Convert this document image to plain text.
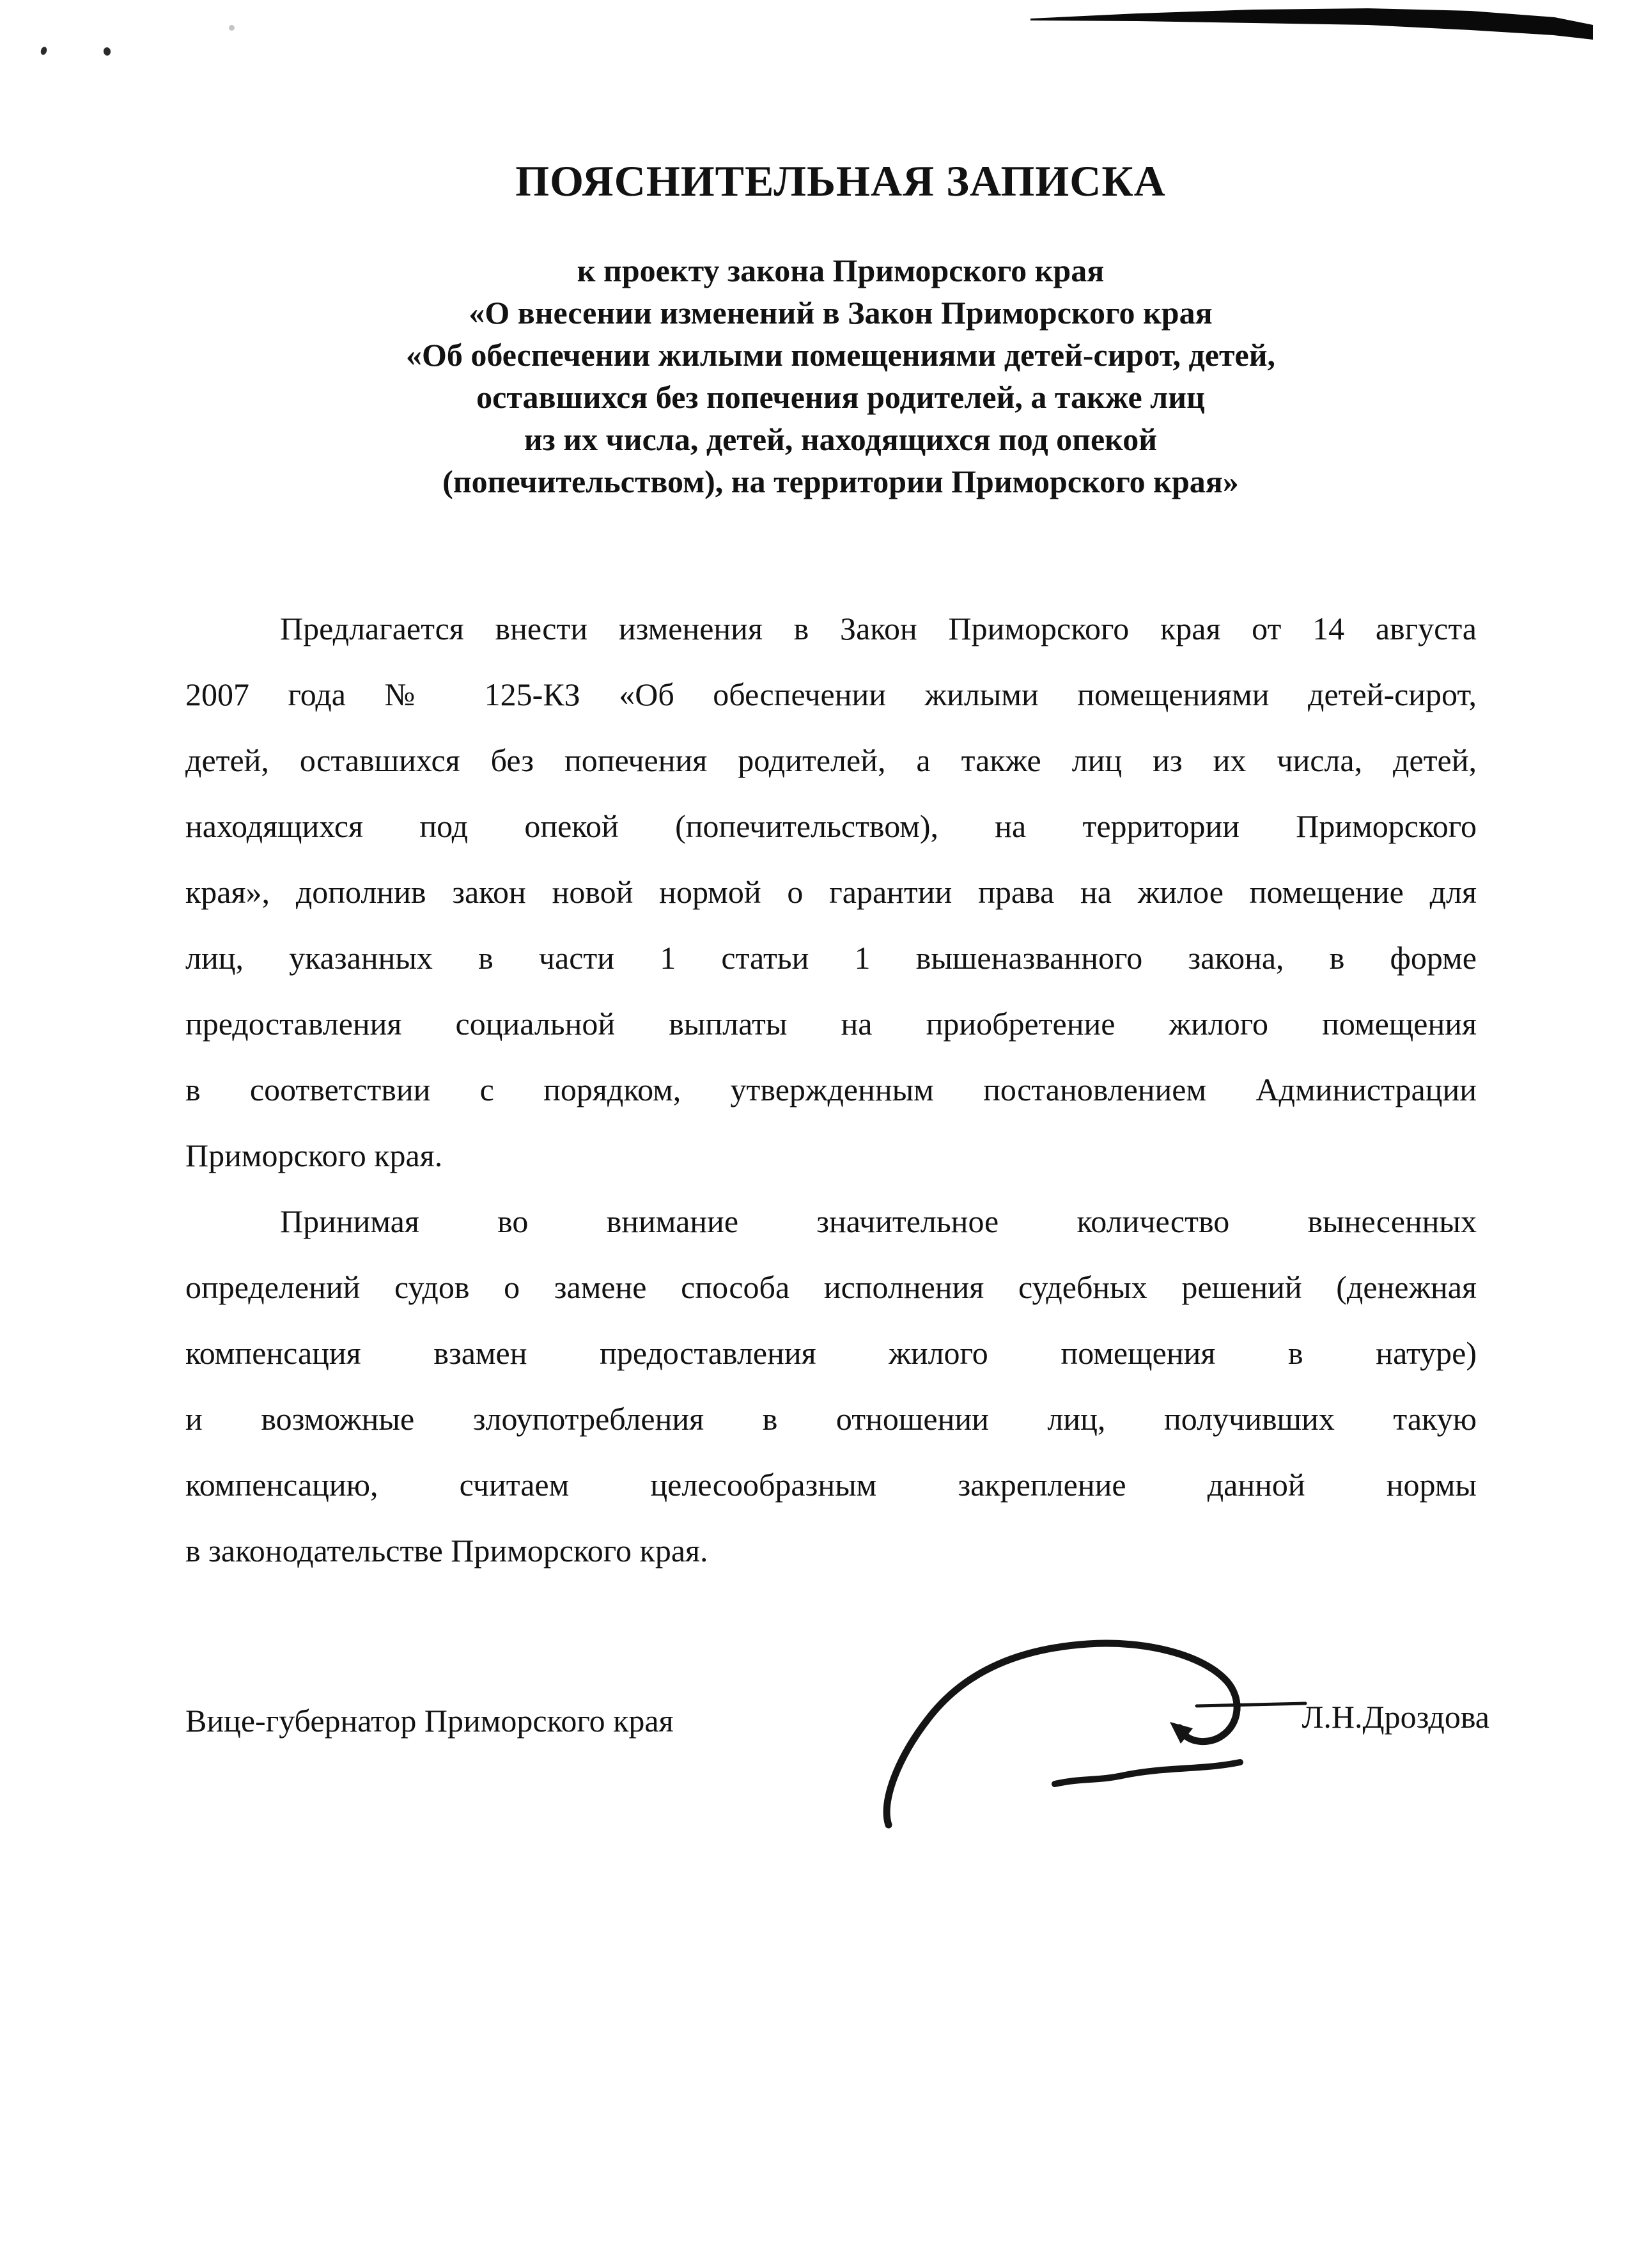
ПОЯСНИТЕЛЬНАЯ ЗАПИСКА
к проекту закона Приморского края
«О внесении изменений в Закон Приморского края
«Об обеспечении жилыми помещениями детей-сирот, детей,
оставшихся без попечения родителей, а также лиц
из их числа, детей, находящихся под опекой
(попечительством), на территории Приморского края»
Предлагается внести изменения в Закон Приморского края от 14 августа
2007 года № 125-КЗ «Об обеспечении жилыми помещениями детей-сирот,
детей, оставшихся без попечения родителей, а также лиц из их числа, детей,
находящихся под опекой (попечительством), на территории Приморского
края», дополнив закон новой нормой о гарантии права на жилое помещение для
лиц, указанных в части 1 статьи 1 вышеназванного закона, в форме
предоставления социальной выплаты на приобретение жилого помещения
в соответствии с порядком, утвержденным постановлением Администрации
Приморского края.
Принимая во внимание значительное количество вынесенных
определений судов о замене способа исполнения судебных решений (денежная
компенсация взамен предоставления жилого помещения в натуре)
и возможные злоупотребления в отношении лиц, получивших такую
компенсацию, считаем целесообразным закрепление данной нормы
в законодательстве Приморского края.
Вице-губернатор Приморского края	Л.Н.Дроздова
